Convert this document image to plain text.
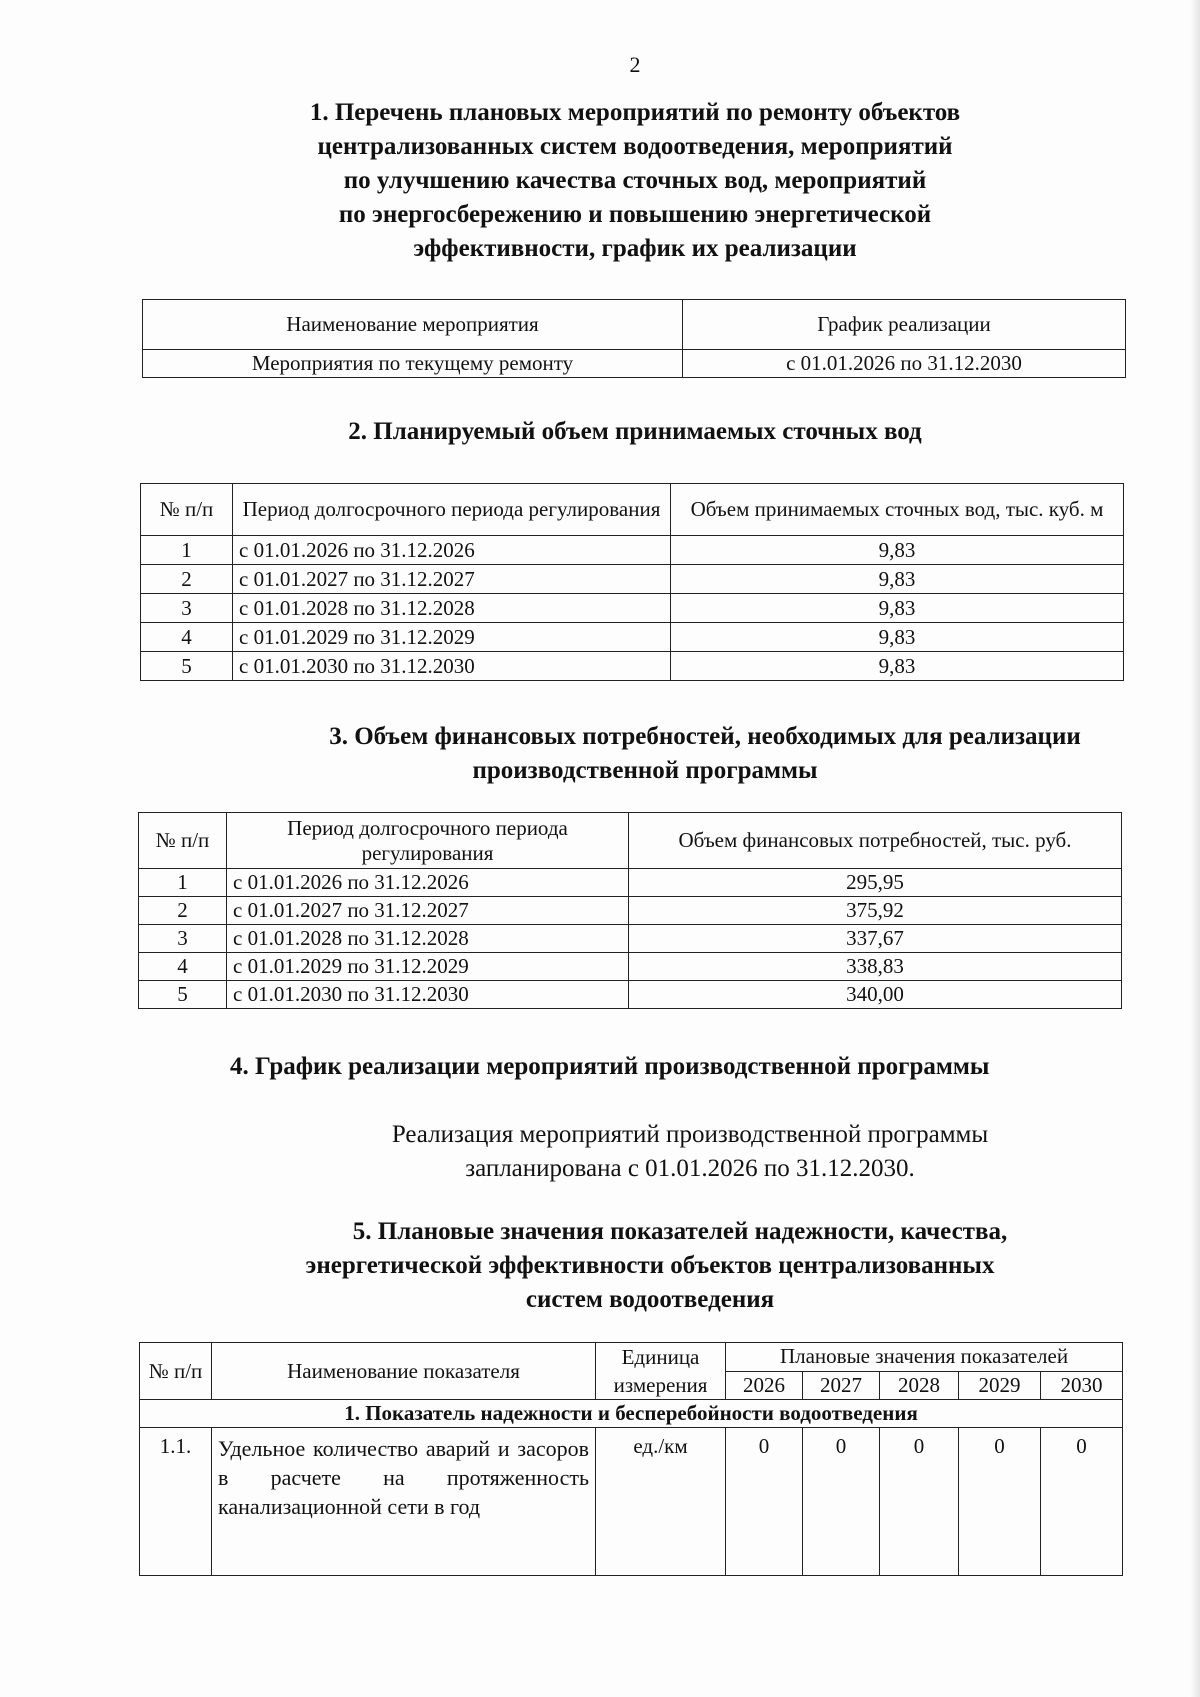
2
1. Перечень плановых мероприятий по ремонту объектов
централизованных систем водоотведения, мероприятий
по улучшению качества сточных вод, мероприятий
по энергосбережению и повышению энергетической
эффективности, график их реализации
Наименование мероприятия	График реализации
Мероприятия по текущему ремонту	с 01.01.2026 по 31.12.2030
2. Планируемый объем принимаемых сточных вод
№ п/п	Период долгосрочного периода регулирования	Объем принимаемых сточных вод, тыс. куб. м
1	с 01.01.2026 по 31.12.2026	9,83
2	с 01.01.2027 по 31.12.2027	9,83
3	с 01.01.2028 по 31.12.2028	9,83
4	с 01.01.2029 по 31.12.2029	9,83
5	с 01.01.2030 по 31.12.2030	9,83
3. Объем финансовых потребностей, необходимых для реализации
производственной программы
№ п/п	Период долгосрочного периода регулирования	Объем финансовых потребностей, тыс. руб.
1	с 01.01.2026 по 31.12.2026	295,95
2	с 01.01.2027 по 31.12.2027	375,92
3	с 01.01.2028 по 31.12.2028	337,67
4	с 01.01.2029 по 31.12.2029	338,83
5	с 01.01.2030 по 31.12.2030	340,00
4. График реализации мероприятий производственной программы
Реализация мероприятий производственной программы
запланирована с 01.01.2026 по 31.12.2030.
5. Плановые значения показателей надежности, качества,
энергетической эффективности объектов централизованных
систем водоотведения
№ п/п	Наименование показателя	Единица измерения	Плановые значения показателей				
			2026	2027	2028	2029	2030
1. Показатель надежности и бесперебойности водоотведения							
1.1.	Удельное количество аварий и засоров в расчете на протяженность канализационной сети в год	ед./км	0	0	0	0	0
